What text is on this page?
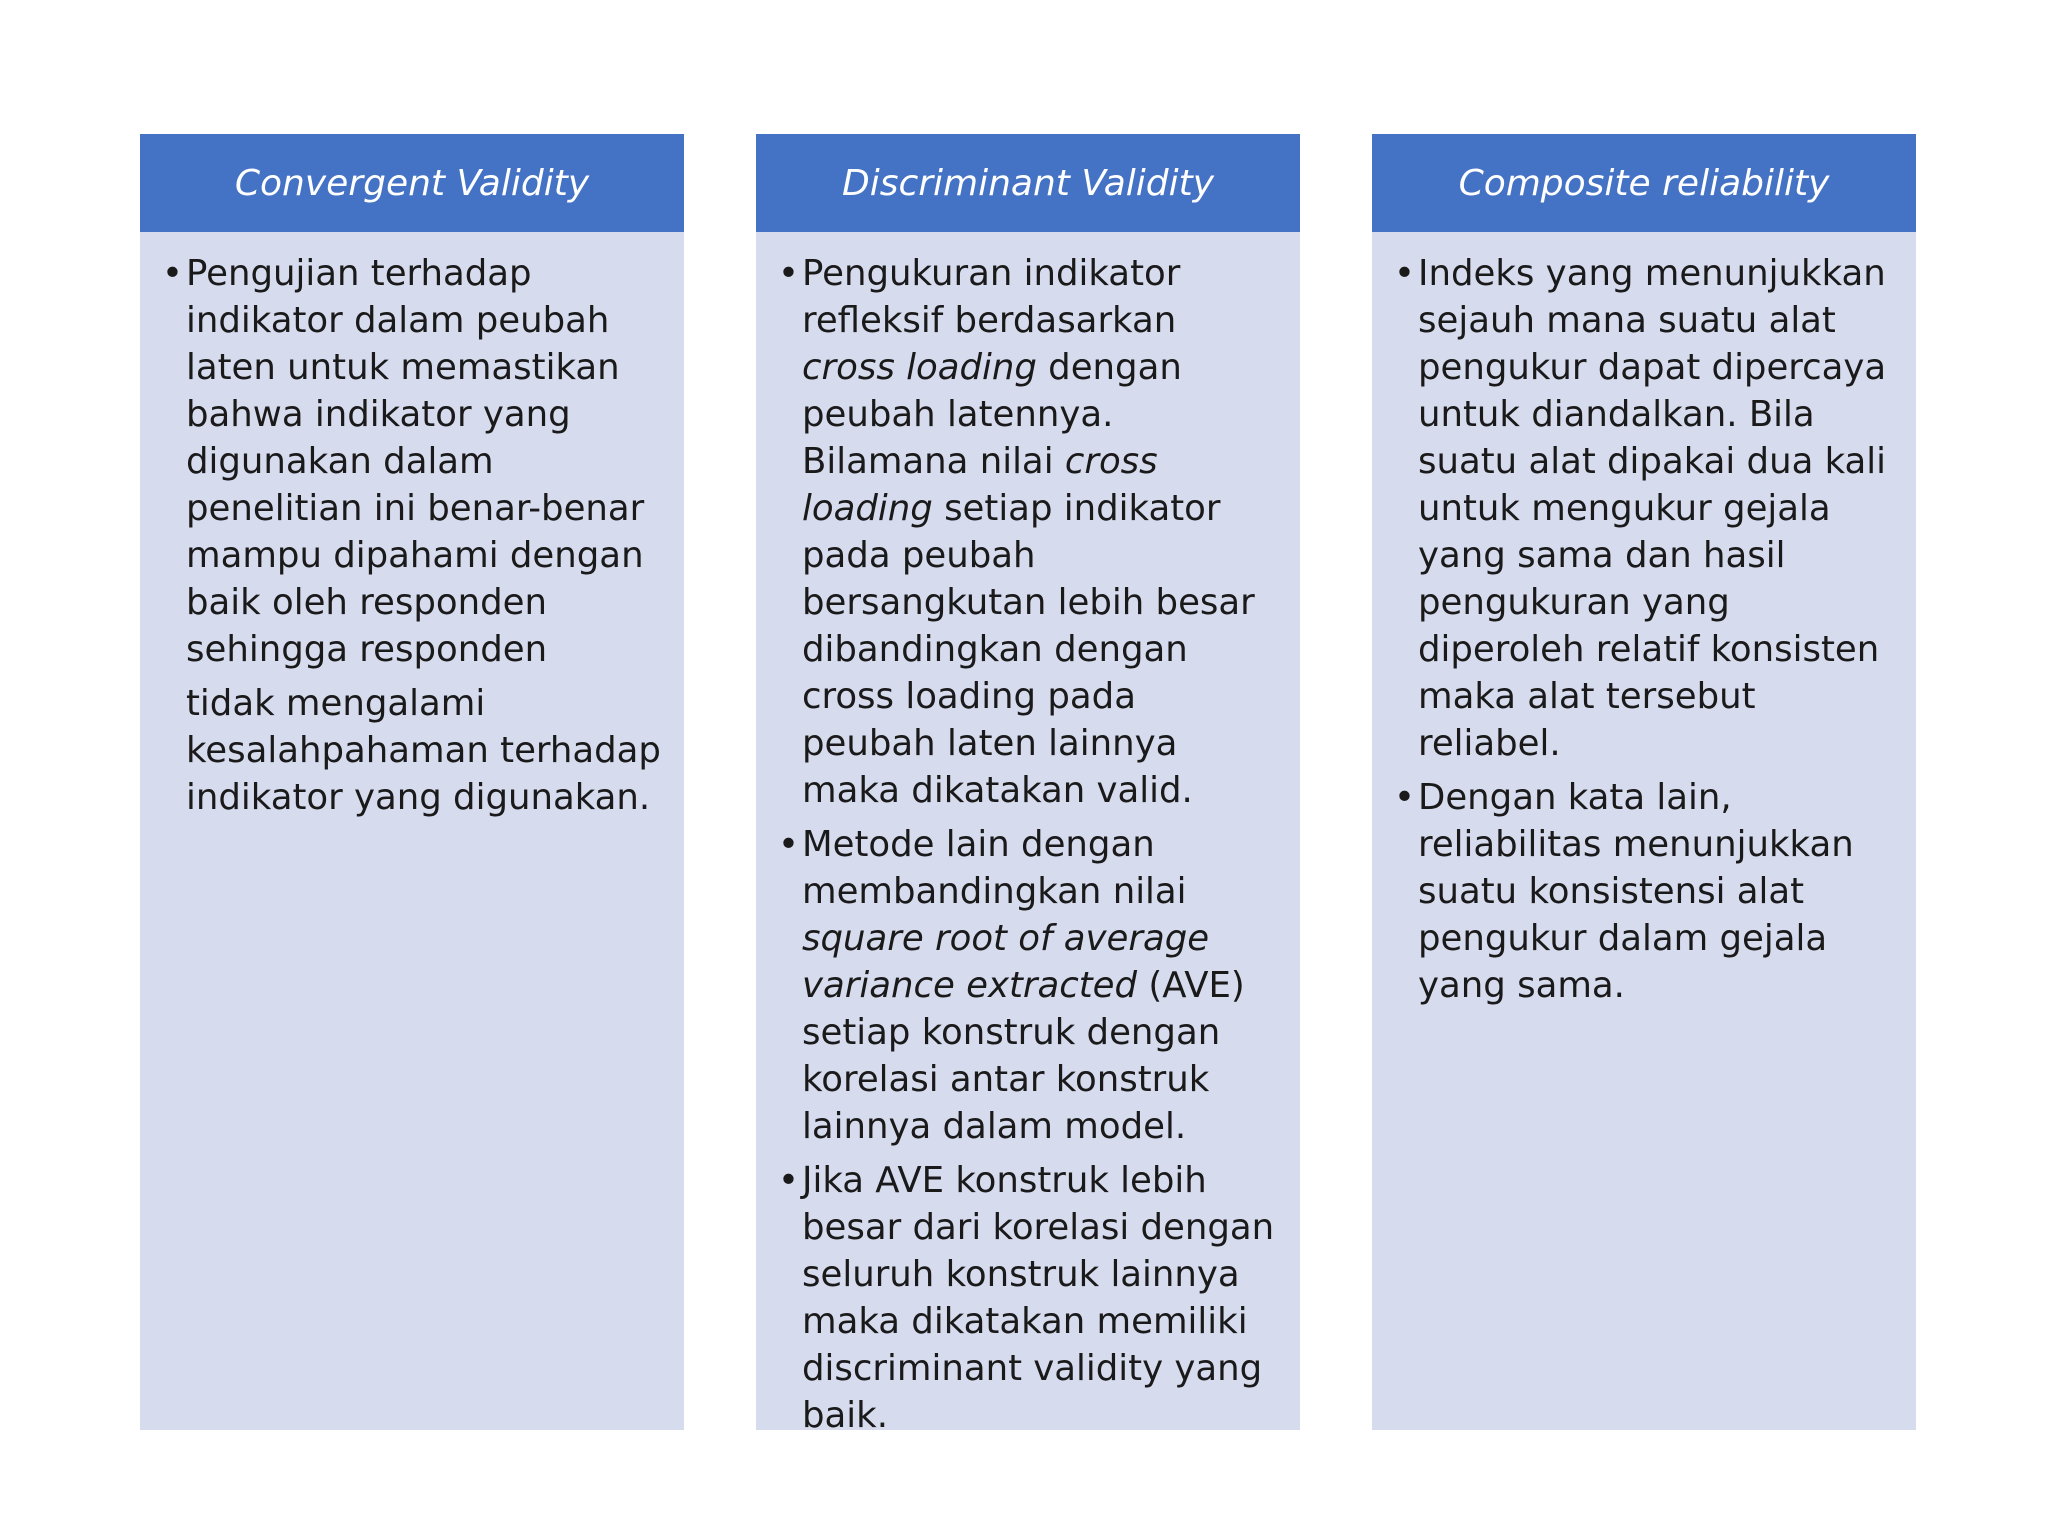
Convergent Validity
• Pengujian terhadap indikator dalam peubah laten untuk memastikan bahwa indikator yang digunakan dalam penelitian ini benar-benar mampu dipahami dengan baik oleh responden sehingga responden
tidak mengalami kesalahpahaman terhadap indikator yang digunakan.
Discriminant Validity
• Pengukuran indikator refleksif berdasarkan cross loading dengan peubah latennya. Bilamana nilai cross loading setiap indikator pada peubah bersangkutan lebih besar dibandingkan dengan cross loading pada peubah laten lainnya maka dikatakan valid.
• Metode lain dengan membandingkan nilai square root of average variance extracted (AVE) setiap konstruk dengan korelasi antar konstruk lainnya dalam model.
• Jika AVE konstruk lebih besar dari korelasi dengan seluruh konstruk lainnya maka dikatakan memiliki discriminant validity yang baik.
Composite reliability
• Indeks yang menunjukkan sejauh mana suatu alat pengukur dapat dipercaya untuk diandalkan. Bila suatu alat dipakai dua kali untuk mengukur gejala yang sama dan hasil pengukuran yang diperoleh relatif konsisten maka alat tersebut reliabel.
• Dengan kata lain, reliabilitas menunjukkan suatu konsistensi alat pengukur dalam gejala yang sama.
